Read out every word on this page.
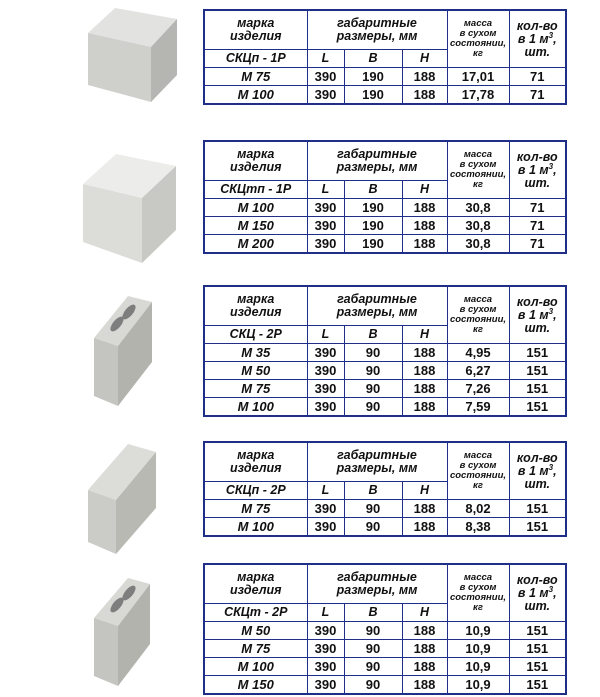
марка
изделия	габаритные
размеры, мм			масса
в сухом
состоянии,
кг	кол-во
в 1 $м^3$,
шт.
СКЦп - 1Р	L	B	H		
М 75	390	190	188	17,01	71
М 100	390	190	188	17,78	71
марка
изделия	габаритные
размеры, мм			масса
в сухом
состоянии,
кг	кол-во
в 1 $м^3$,
шт.
СКЦтп - 1Р	L	B	H		
М 100	390	190	188	30,8	71
М 150	390	190	188	30,8	71
М 200	390	190	188	30,8	71
марка
изделия	габаритные
размеры, мм			масса
в сухом
состоянии,
кг	кол-во
в 1 $м^3$,
шт.
СКЦ - 2Р	L	B	H		
М 35	390	90	188	4,95	151
М 50	390	90	188	6,27	151
М 75	390	90	188	7,26	151
М 100	390	90	188	7,59	151
марка
изделия	габаритные
размеры, мм			масса
в сухом
состоянии,
кг	кол-во
в 1 $м^3$,
шт.
СКЦп - 2Р	L	B	H		
М 75	390	90	188	8,02	151
М 100	390	90	188	8,38	151
марка
изделия	габаритные
размеры, мм			масса
в сухом
состоянии,
кг	кол-во
в 1 $м^3$,
шт.
СКЦт - 2Р	L	B	H		
М 50	390	90	188	10,9	151
М 75	390	90	188	10,9	151
М 100	390	90	188	10,9	151
М 150	390	90	188	10,9	151
